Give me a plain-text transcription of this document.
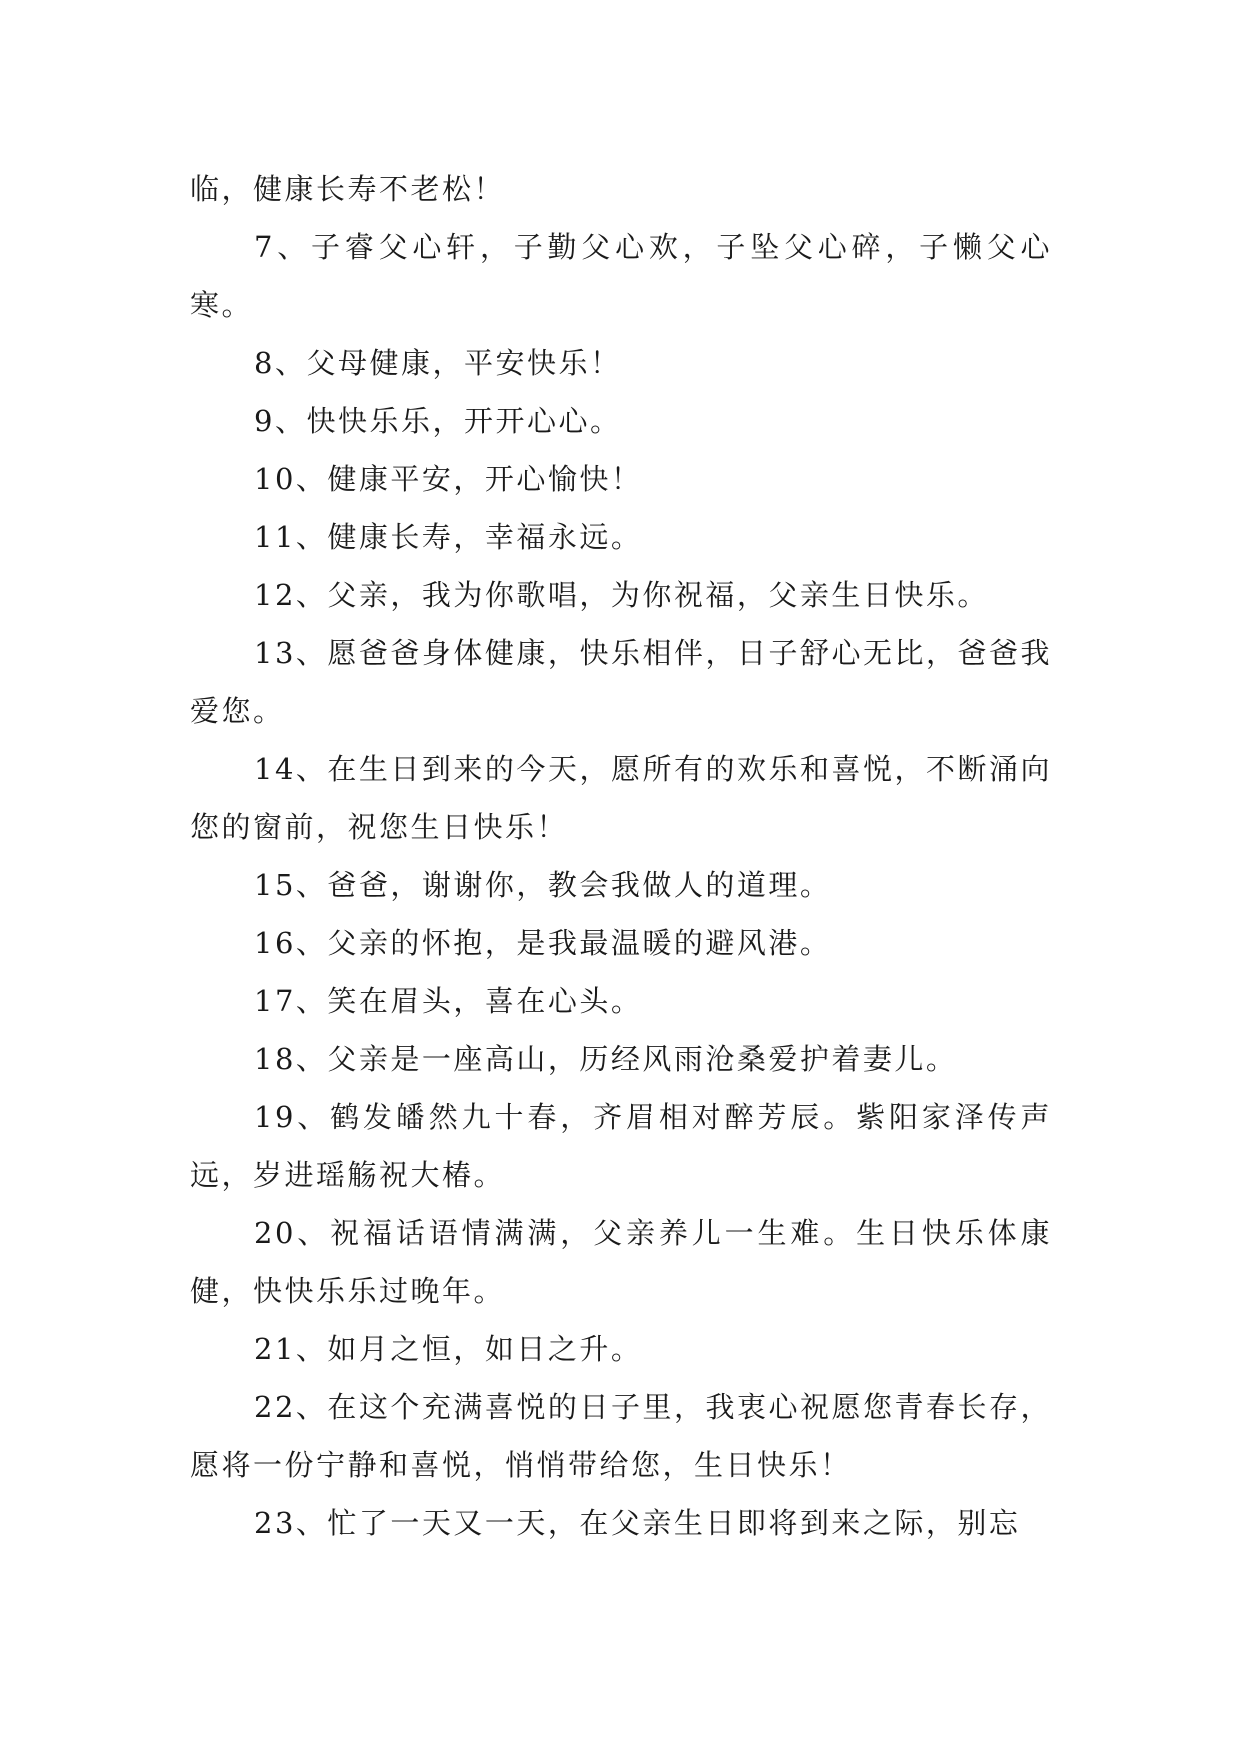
临，健康长寿不老松！

7、子睿父心轩，子勤父心欢，子坠父心碎，子懒父心寒。

8、父母健康，平安快乐！

9、快快乐乐，开开心心。

10、健康平安，开心愉快！

11、健康长寿，幸福永远。

12、父亲，我为你歌唱，为你祝福，父亲生日快乐。

13、愿爸爸身体健康，快乐相伴，日子舒心无比，爸爸我爱您。

14、在生日到来的今天，愿所有的欢乐和喜悦，不断涌向您的窗前，祝您生日快乐！

15、爸爸，谢谢你，教会我做人的道理。

16、父亲的怀抱，是我最温暖的避风港。

17、笑在眉头，喜在心头。

18、父亲是一座高山，历经风雨沧桑爱护着妻儿。

19、鹤发皤然九十春，齐眉相对醉芳辰。紫阳家泽传声远，岁进瑶觞祝大椿。

20、祝福话语情满满，父亲养儿一生难。生日快乐体康健，快快乐乐过晚年。

21、如月之恒，如日之升。

22、在这个充满喜悦的日子里，我衷心祝愿您青春长存，愿将一份宁静和喜悦，悄悄带给您，生日快乐！

23、忙了一天又一天，在父亲生日即将到来之际，别忘
